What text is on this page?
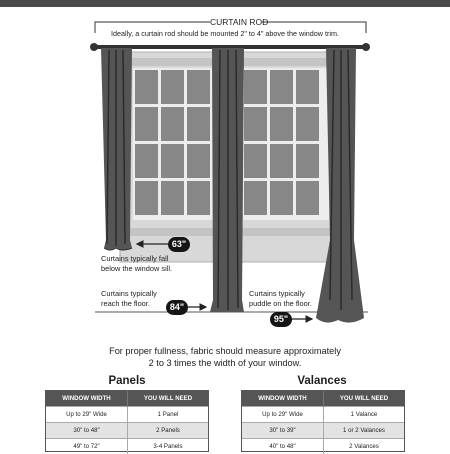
CURTAIN ROD
Ideally, a curtain rod should be mounted 2" to 4" above the window trim.
63"
84"
95"
Curtains typically fall
below the window sill.
Curtains typically
reach the floor.
Curtains typically
puddle on the floor.
For proper fullness, fabric should measure approximately
2 to 3 times the width of your window.
Panels
WINDOW WIDTH	YOU WILL NEED
Up to 29" Wide	1 Panel
30" to 48"	2 Panels
49" to 72"	3-4 Panels
Valances
WINDOW WIDTH	YOU WILL NEED
Up to 29" Wide	1 Valance
30" to 39"	1 or 2 Valances
40" to 48"	2 Valances
